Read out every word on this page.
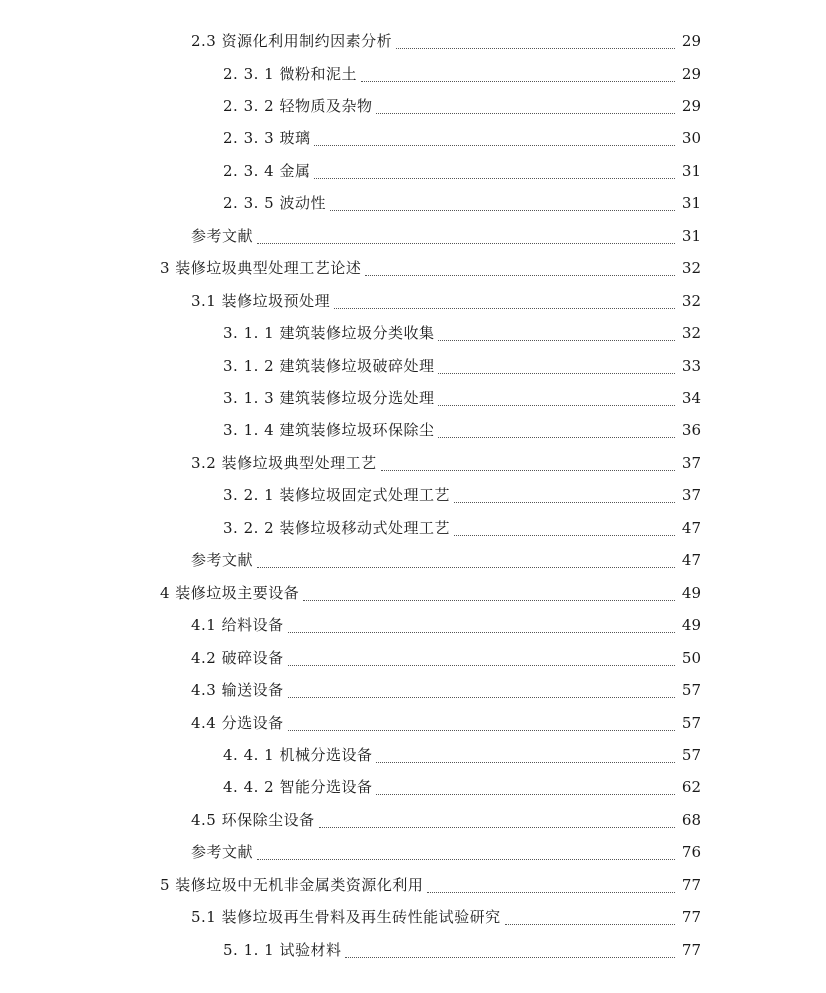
2.3 资源化利用制约因素分析	29
2. 3. 1 微粉和泥土	29
2. 3. 2 轻物质及杂物	29
2. 3. 3 玻璃	30
2. 3. 4 金属	31
2. 3. 5 波动性	31
参考文献	31
3 装修垃圾典型处理工艺论述	32
3.1 装修垃圾预处理	32
3. 1. 1 建筑装修垃圾分类收集	32
3. 1. 2 建筑装修垃圾破碎处理	33
3. 1. 3 建筑装修垃圾分选处理	34
3. 1. 4 建筑装修垃圾环保除尘	36
3.2 装修垃圾典型处理工艺	37
3. 2. 1 装修垃圾固定式处理工艺	37
3. 2. 2 装修垃圾移动式处理工艺	47
参考文献	47
4 装修垃圾主要设备	49
4.1 给料设备	49
4.2 破碎设备	50
4.3 输送设备	57
4.4 分选设备	57
4. 4. 1 机械分选设备	57
4. 4. 2 智能分选设备	62
4.5 环保除尘设备	68
参考文献	76
5 装修垃圾中无机非金属类资源化利用	77
5.1 装修垃圾再生骨料及再生砖性能试验研究	77
5. 1. 1 试验材料	77
